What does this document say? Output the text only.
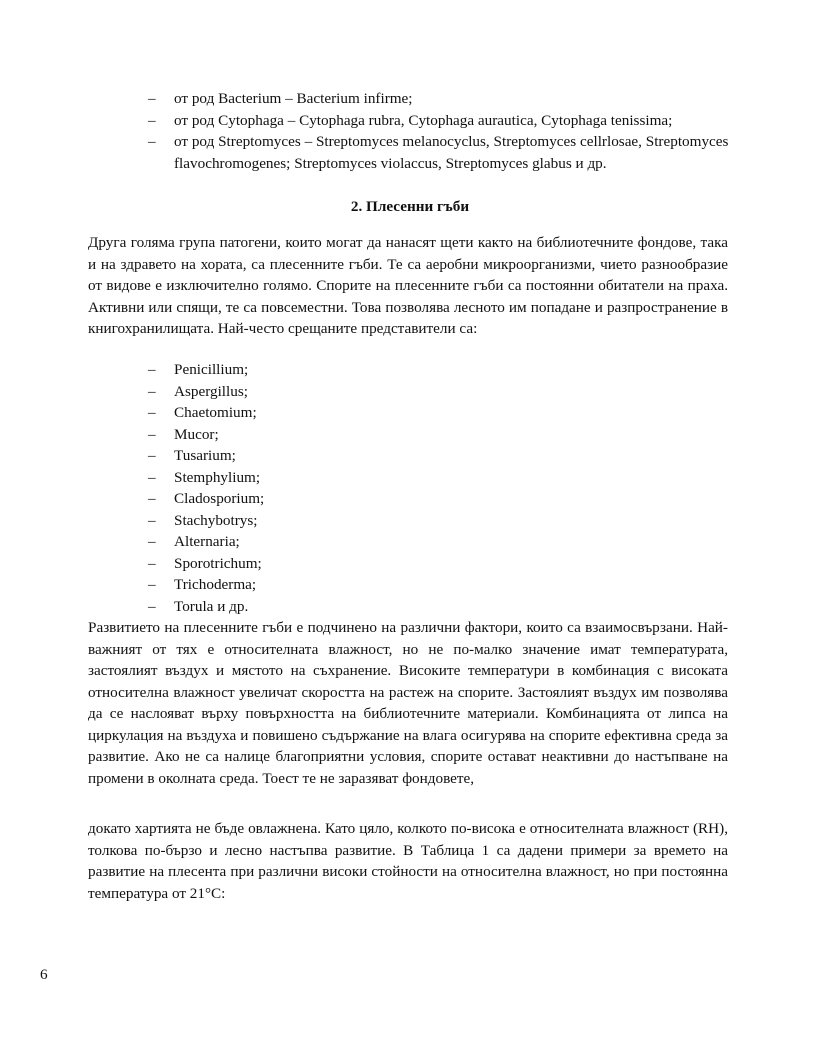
– от род Bacterium – Bacterium infirme;
– от род Cytophaga – Cytophaga rubra, Cytophaga aurautica, Cytophaga tenissima;
– от род Streptomyces – Streptomyces melanocyclus, Streptomyces cellrlosae, Streptomyces flavochromogenes; Streptomyces violaccus, Streptomyces glabus и др.
2. Плесенни гъби

Друга голяма група патогени, които могат да нанасят щети както на библиотечните фондове, така и на здравето на хората, са плесенните гъби. Те са аеробни микроорганизми, чието разнообразие от видове е изключително голямо. Спорите на плесенните гъби са постоянни обитатели на праха. Активни или спящи, те са повсеместни. Това позволява лесното им попадане и разпространение в книгохранилищата. Най-често срещаните представители са:

– Penicillium;
– Aspergillus;
– Chaetomium;
– Mucor;
– Tusarium;
– Stemphylium;
– Cladosporium;
– Stachybotrys;
– Alternaria;
– Sporotrichum;
– Trichoderma;
– Torula и др.

Развитието на плесенните гъби е подчинено на различни фактори, които са взаимосвързани. Най-важният от тях е относителната влажност, но не по-малко значение имат температурата, застоялият въздух и мястото на съхранение. Високите температури в комбинация с високата относителна влажност увеличат скоростта на растеж на спорите. Застоялият въздух им позволява да се наслояват върху повърхността на библиотечните материали. Комбинацията от липса на циркулация на въздуха и повишено съдържание на влага осигурява на спорите ефективна среда за развитие. Ако не са налице благоприятни условия, спорите остават неактивни до настъпване на промени в околната среда. Тоест те не заразяват фондовете,

докато хартията не бъде овлажнена. Като цяло, колкото по-висока е относителната влажност (RH), толкова по-бързо и лесно настъпва развитие. В Таблица 1 са дадени примери за времето на развитие на плесента при различни високи стойности на относителна влажност, но при постоянна температура от 21°C:

6
